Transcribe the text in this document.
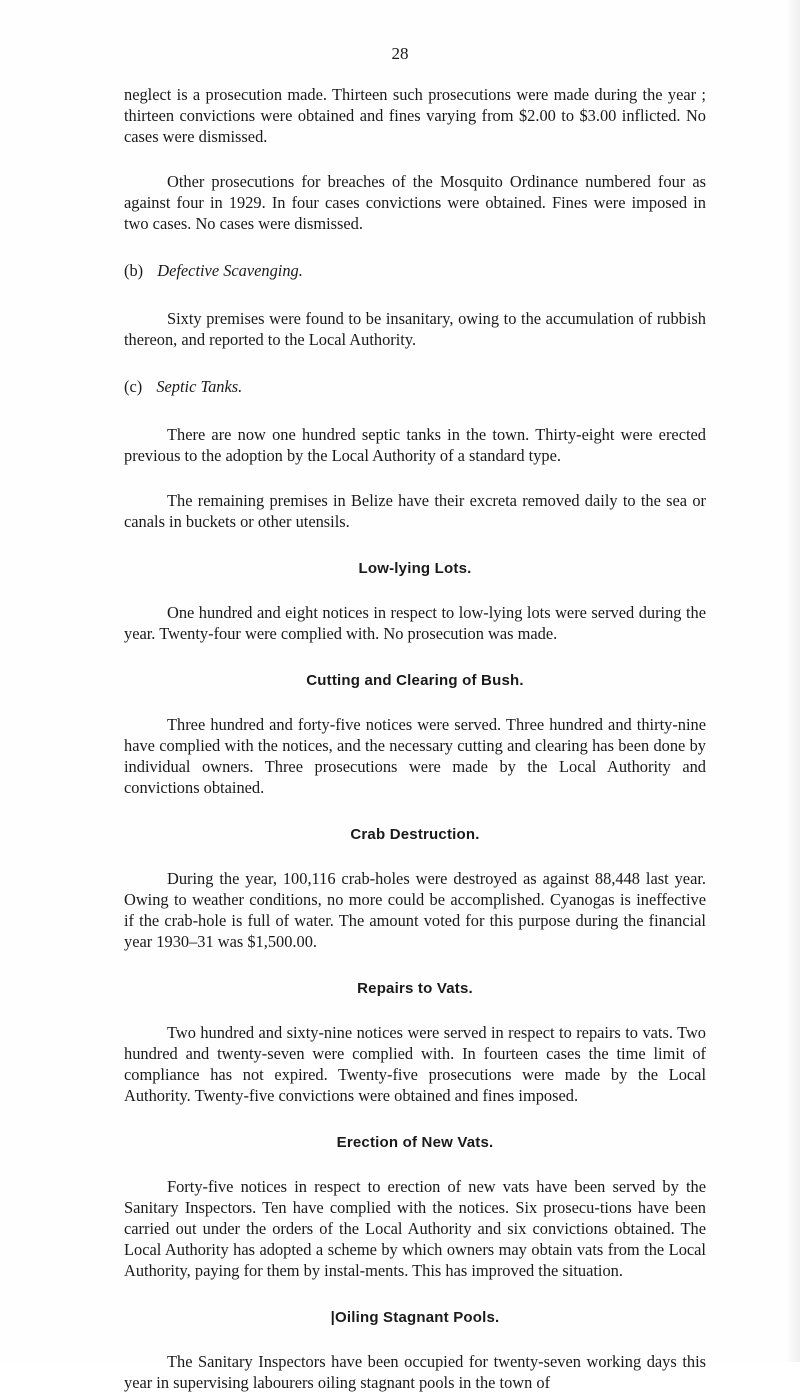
28

neglect is a prosecution made. Thirteen such prosecutions were made during the year ; thirteen convictions were obtained and fines varying from $2.00 to $3.00 inflicted. No cases were dismissed.

Other prosecutions for breaches of the Mosquito Ordinance numbered four as against four in 1929. In four cases convictions were obtained. Fines were imposed in two cases. No cases were dismissed.

(b) Defective Scavenging.

Sixty premises were found to be insanitary, owing to the accumulation of rubbish thereon, and reported to the Local Authority.

(c) Septic Tanks.

There are now one hundred septic tanks in the town. Thirty-eight were erected previous to the adoption by the Local Authority of a standard type.

The remaining premises in Belize have their excreta removed daily to the sea or canals in buckets or other utensils.

Low-lying Lots.

One hundred and eight notices in respect to low-lying lots were served during the year. Twenty-four were complied with. No prosecution was made.

Cutting and Clearing of Bush.

Three hundred and forty-five notices were served. Three hundred and thirty-nine have complied with the notices, and the necessary cutting and clearing has been done by individual owners. Three prosecutions were made by the Local Authority and convictions obtained.

Crab Destruction.

During the year, 100,116 crab-holes were destroyed as against 88,448 last year. Owing to weather conditions, no more could be accomplished. Cyanogas is ineffective if the crab-hole is full of water. The amount voted for this purpose during the financial year 1930–31 was $1,500.00.

Repairs to Vats.

Two hundred and sixty-nine notices were served in respect to repairs to vats. Two hundred and twenty-seven were complied with. In fourteen cases the time limit of compliance has not expired. Twenty-five prosecutions were made by the Local Authority. Twenty-five convictions were obtained and fines imposed.

Erection of New Vats.

Forty-five notices in respect to erection of new vats have been served by the Sanitary Inspectors. Ten have complied with the notices. Six prosecu-tions have been carried out under the orders of the Local Authority and six convictions obtained. The Local Authority has adopted a scheme by which owners may obtain vats from the Local Authority, paying for them by instal-ments. This has improved the situation.

|Oiling Stagnant Pools.

The Sanitary Inspectors have been occupied for twenty-seven working days this year in supervising labourers oiling stagnant pools in the town of
